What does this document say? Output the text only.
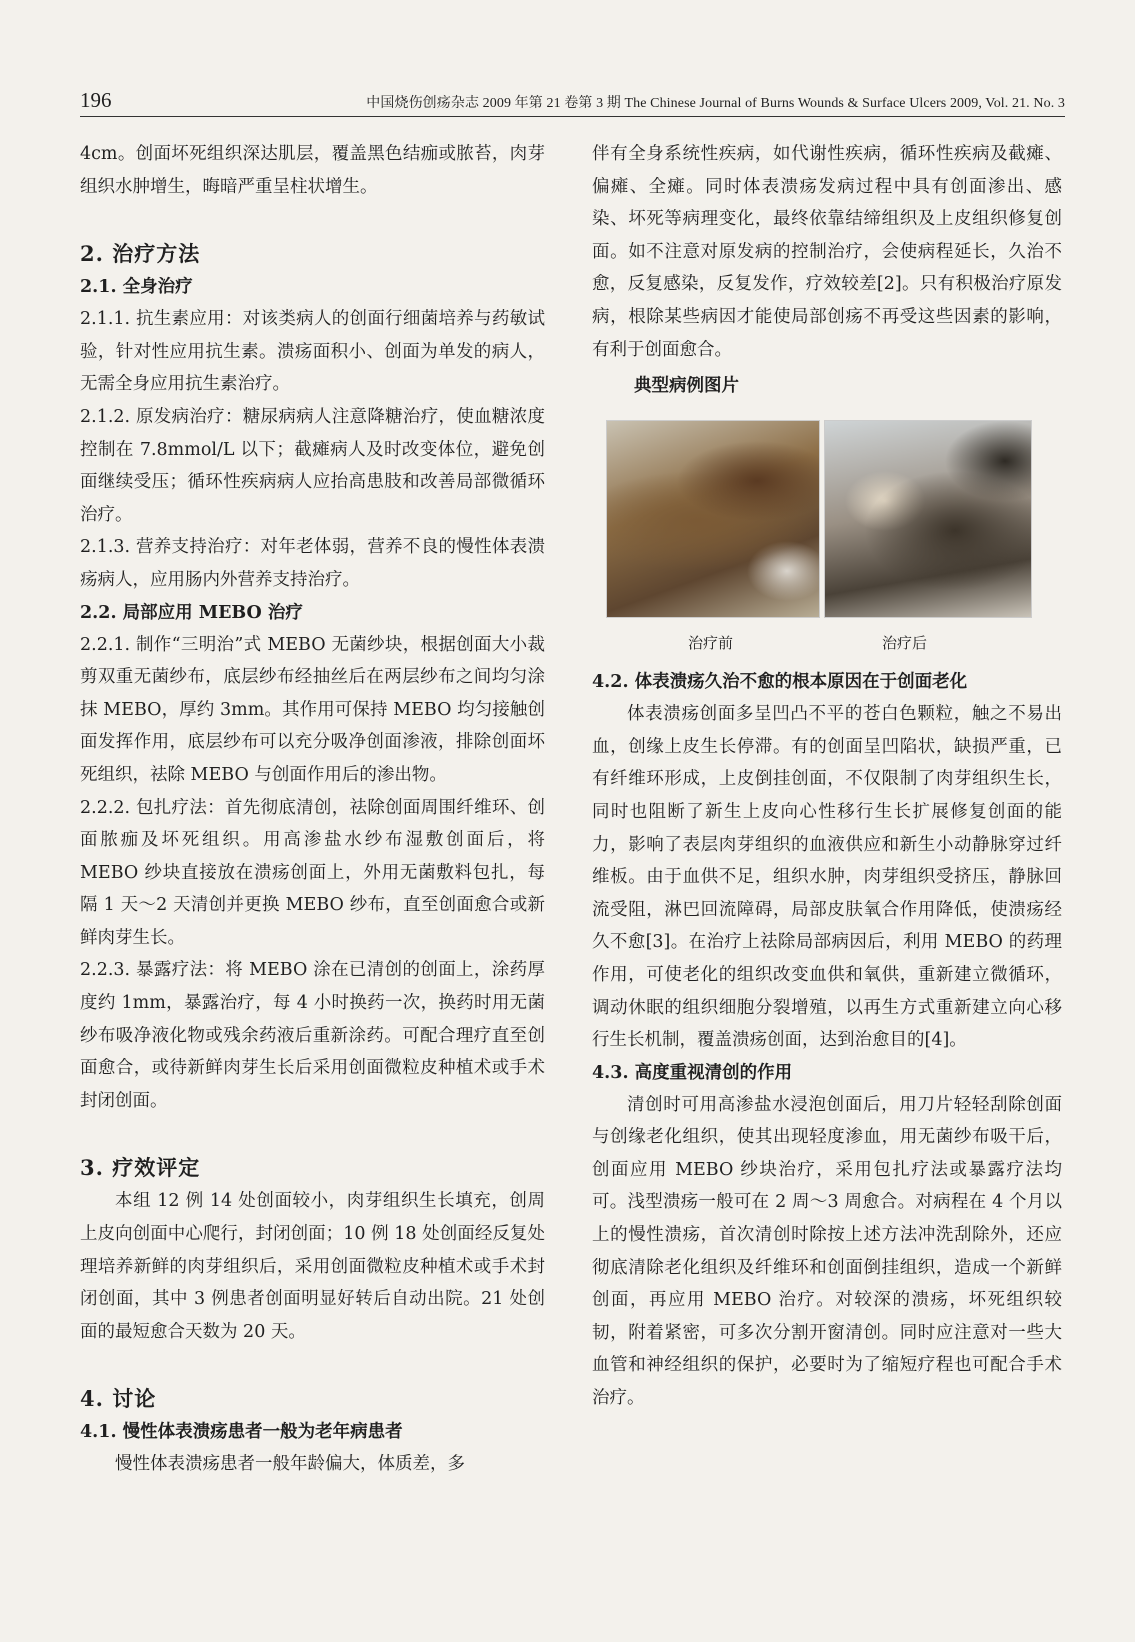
196	中国烧伤创疡杂志 2009 年第 21 卷第 3 期 The Chinese Journal of Burns Wounds & Surface Ulcers 2009, Vol. 21. No. 3

4cm。创面坏死组织深达肌层，覆盖黑色结痂或脓苔，肉芽组织水肿增生，晦暗严重呈柱状增生。

2. 治疗方法
2.1. 全身治疗

2.1.1. 抗生素应用：对该类病人的创面行细菌培养与药敏试验，针对性应用抗生素。溃疡面积小、创面为单发的病人，无需全身应用抗生素治疗。

2.1.2. 原发病治疗：糖尿病病人注意降糖治疗，使血糖浓度控制在 7.8mmol/L 以下；截瘫病人及时改变体位，避免创面继续受压；循环性疾病病人应抬高患肢和改善局部微循环治疗。

2.1.3. 营养支持治疗：对年老体弱，营养不良的慢性体表溃疡病人，应用肠内外营养支持治疗。

2.2. 局部应用 MEBO 治疗

2.2.1. 制作“三明治”式 MEBO 无菌纱块，根据创面大小裁剪双重无菌纱布，底层纱布经抽丝后在两层纱布之间均匀涂抹 MEBO，厚约 3mm。其作用可保持 MEBO 均匀接触创面发挥作用，底层纱布可以充分吸净创面渗液，排除创面坏死组织，祛除 MEBO 与创面作用后的渗出物。

2.2.2. 包扎疗法：首先彻底清创，祛除创面周围纤维环、创面脓痂及坏死组织。用高渗盐水纱布湿敷创面后，将 MEBO 纱块直接放在溃疡创面上，外用无菌敷料包扎，每隔 1 天～2 天清创并更换 MEBO 纱布，直至创面愈合或新鲜肉芽生长。

2.2.3. 暴露疗法：将 MEBO 涂在已清创的创面上，涂药厚度约 1mm，暴露治疗，每 4 小时换药一次，换药时用无菌纱布吸净液化物或残余药液后重新涂药。可配合理疗直至创面愈合，或待新鲜肉芽生长后采用创面微粒皮种植术或手术封闭创面。

3. 疗效评定

本组 12 例 14 处创面较小，肉芽组织生长填充，创周上皮向创面中心爬行，封闭创面；10 例 18 处创面经反复处理培养新鲜的肉芽组织后，采用创面微粒皮种植术或手术封闭创面，其中 3 例患者创面明显好转后自动出院。21 处创面的最短愈合天数为 20 天。

4. 讨论
4.1. 慢性体表溃疡患者一般为老年病患者

慢性体表溃疡患者一般年龄偏大，体质差，多

伴有全身系统性疾病，如代谢性疾病，循环性疾病及截瘫、偏瘫、全瘫。同时体表溃疡发病过程中具有创面渗出、感染、坏死等病理变化，最终依靠结缔组织及上皮组织修复创面。如不注意对原发病的控制治疗，会使病程延长，久治不愈，反复感染，反复发作，疗效较差[2]。只有积极治疗原发病，根除某些病因才能使局部创疡不再受这些因素的影响，有利于创面愈合。

典型病例图片
治疗前	治疗后
4.2. 体表溃疡久治不愈的根本原因在于创面老化

体表溃疡创面多呈凹凸不平的苍白色颗粒，触之不易出血，创缘上皮生长停滞。有的创面呈凹陷状，缺损严重，已有纤维环形成，上皮倒挂创面，不仅限制了肉芽组织生长，同时也阻断了新生上皮向心性移行生长扩展修复创面的能力，影响了表层肉芽组织的血液供应和新生小动静脉穿过纤维板。由于血供不足，组织水肿，肉芽组织受挤压，静脉回流受阻，淋巴回流障碍，局部皮肤氧合作用降低，使溃疡经久不愈[3]。在治疗上祛除局部病因后，利用 MEBO 的药理作用，可使老化的组织改变血供和氧供，重新建立微循环，调动休眠的组织细胞分裂增殖，以再生方式重新建立向心移行生长机制，覆盖溃疡创面，达到治愈目的[4]。

4.3. 高度重视清创的作用

清创时可用高渗盐水浸泡创面后，用刀片轻轻刮除创面与创缘老化组织，使其出现轻度渗血，用无菌纱布吸干后，创面应用 MEBO 纱块治疗，采用包扎疗法或暴露疗法均可。浅型溃疡一般可在 2 周～3 周愈合。对病程在 4 个月以上的慢性溃疡，首次清创时除按上述方法冲洗刮除外，还应彻底清除老化组织及纤维环和创面倒挂组织，造成一个新鲜创面，再应用 MEBO 治疗。对较深的溃疡，坏死组织较韧，附着紧密，可多次分割开窗清创。同时应注意对一些大血管和神经组织的保护，必要时为了缩短疗程也可配合手术治疗。
